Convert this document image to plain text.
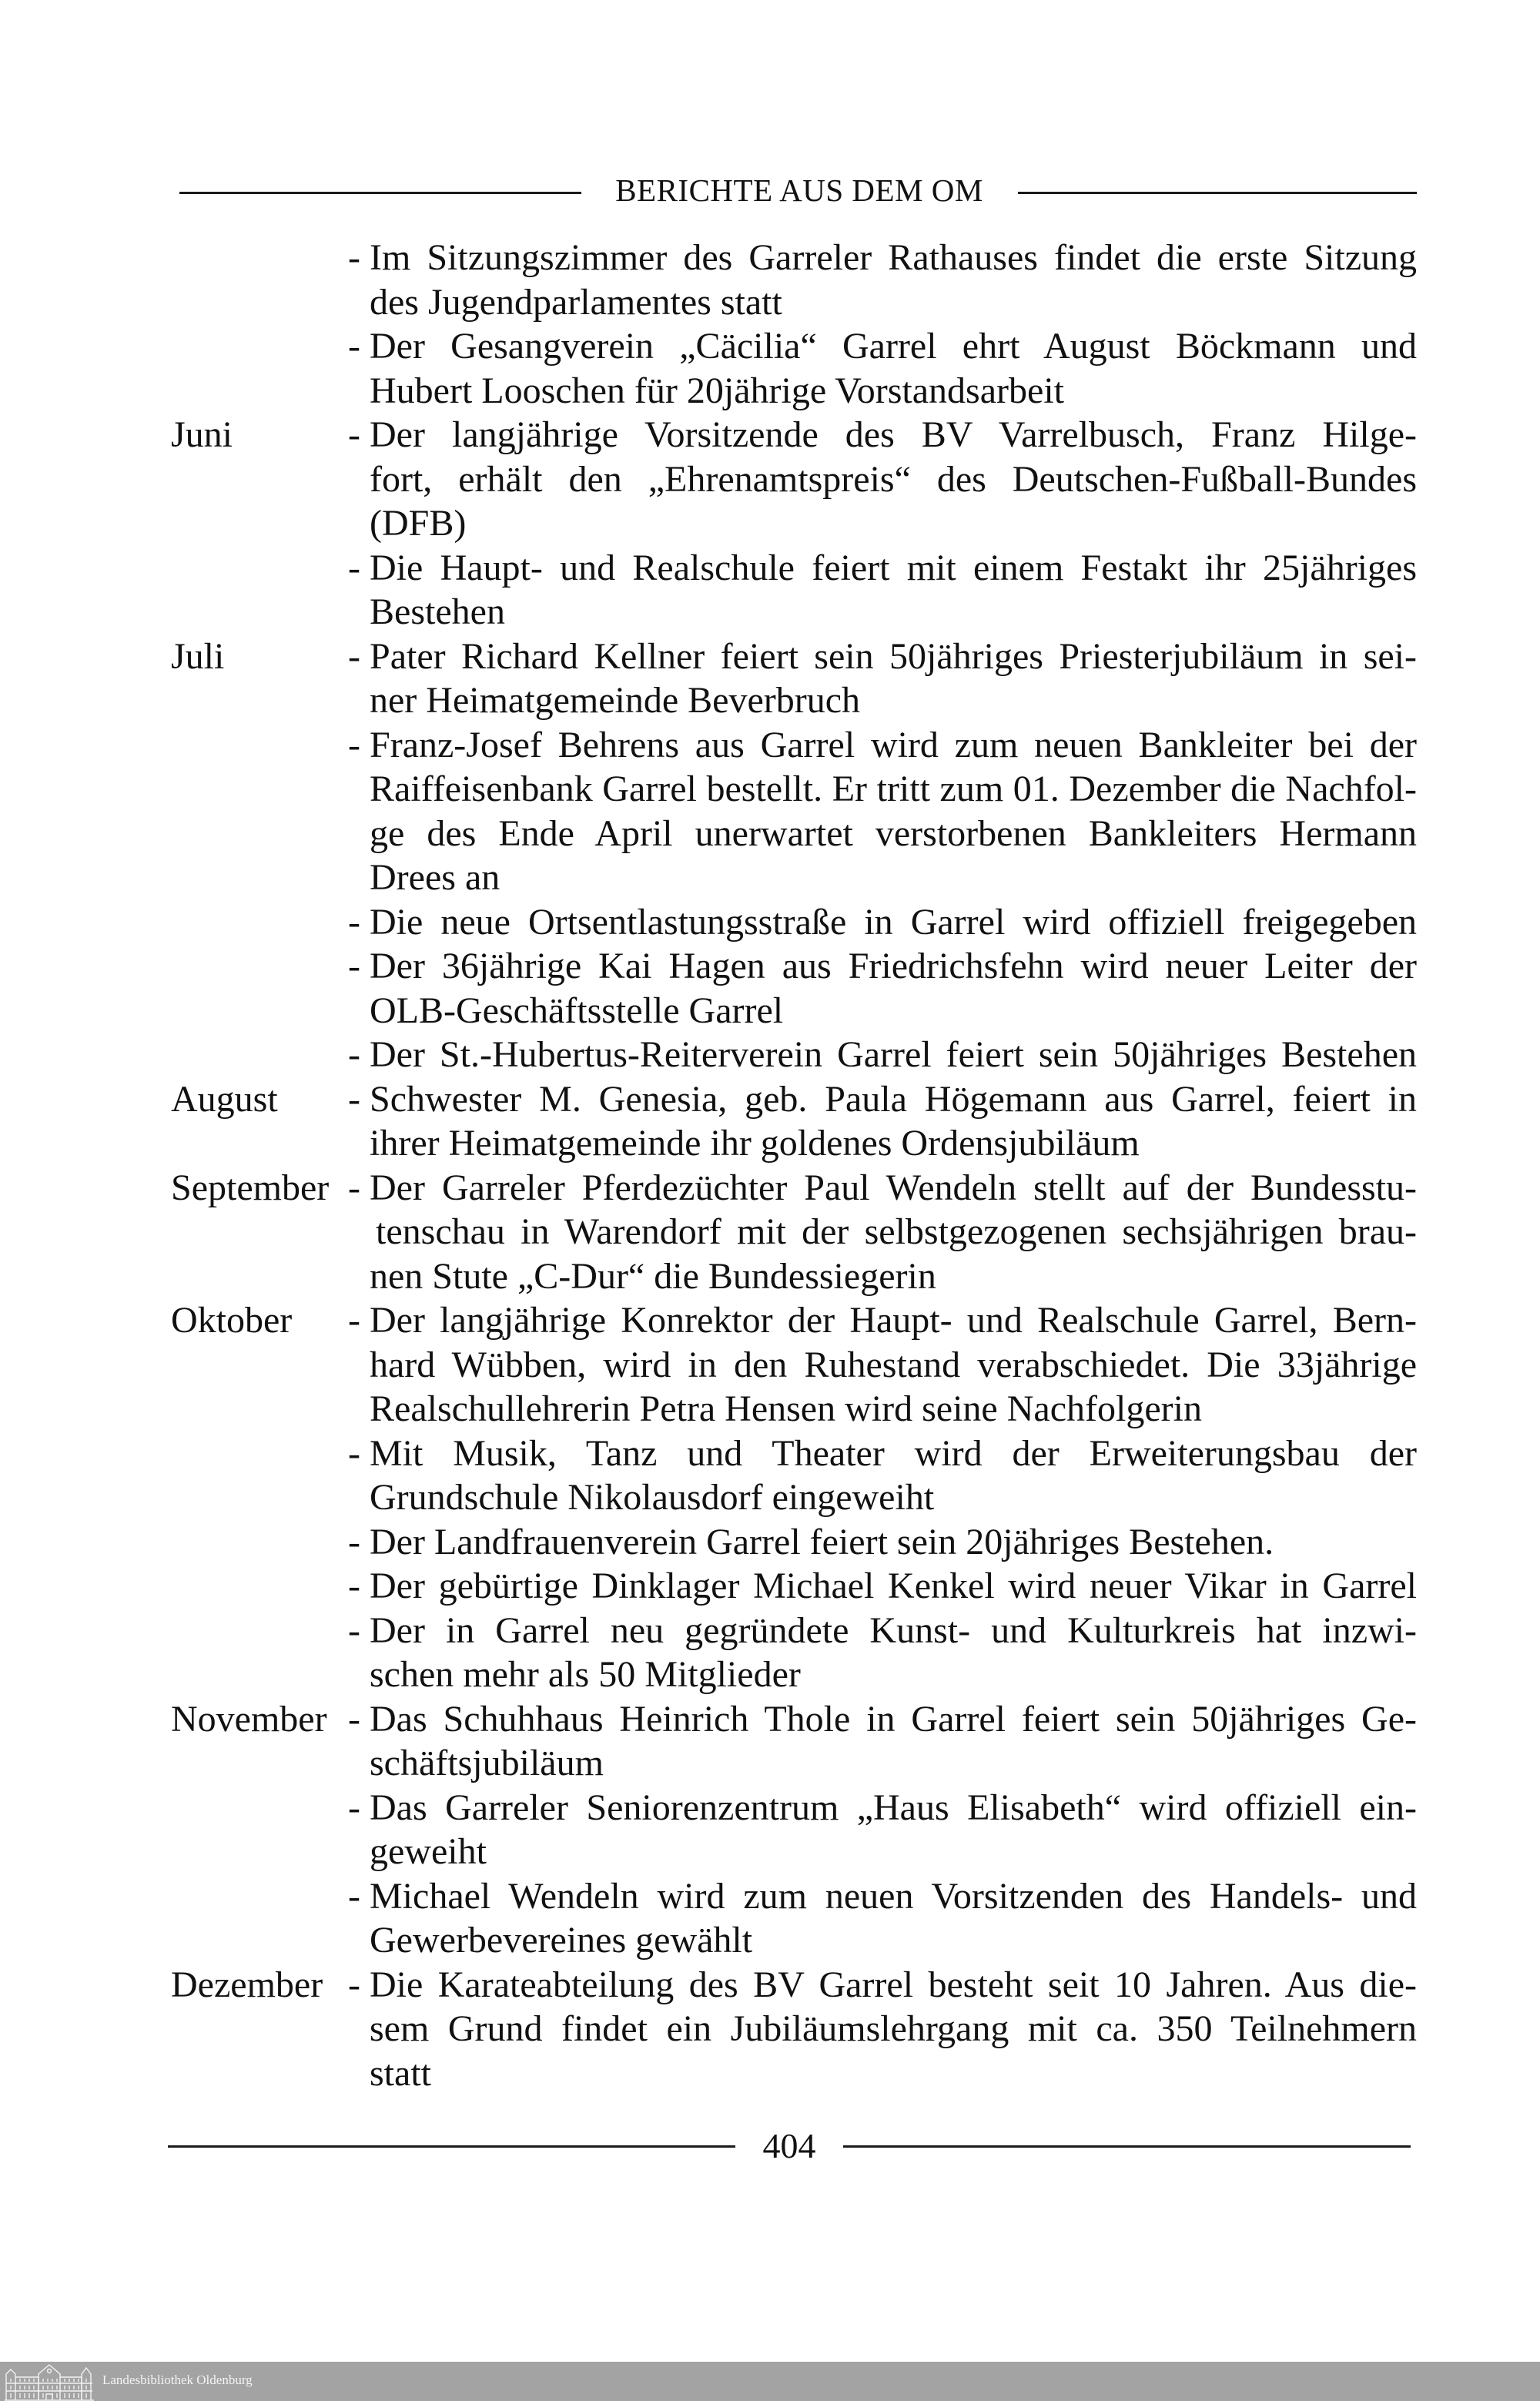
BERICHTE AUS DEM OM
- Im Sitzungszimmer des Garreler Rathauses findet die erste Sitzung
des Jugendparlamentes statt
- Der Gesangverein „Cäcilia“ Garrel ehrt August Böckmann und
Hubert Looschen für 20jährige Vorstandsarbeit
Juni	- Der langjährige Vorsitzende des BV Varrelbusch, Franz Hilge-
fort, erhält den „Ehrenamtspreis“ des Deutschen-Fußball-Bundes
(DFB)
- Die Haupt- und Realschule feiert mit einem Festakt ihr 25jähriges
Bestehen
Juli	- Pater Richard Kellner feiert sein 50jähriges Priesterjubiläum in sei-
ner Heimatgemeinde Beverbruch
- Franz-Josef Behrens aus Garrel wird zum neuen Bankleiter bei der
Raiffeisenbank Garrel bestellt. Er tritt zum 01. Dezember die Nachfol-
ge des Ende April unerwartet verstorbenen Bankleiters Hermann
Drees an
- Die neue Ortsentlastungsstraße in Garrel wird offiziell freigegeben
- Der 36jährige Kai Hagen aus Friedrichsfehn wird neuer Leiter der
OLB-Geschäftsstelle Garrel
- Der St.-Hubertus-Reiterverein Garrel feiert sein 50jähriges Bestehen
August - Schwester M. Genesia, geb. Paula Högemann aus Garrel, feiert in
ihrer Heimatgemeinde ihr goldenes Ordensjubiläum
September - Der Garreler Pferdezüchter Paul Wendeln stellt auf der Bundesstu-
tenschau in Warendorf mit der selbstgezogenen sechsjährigen brau-
nen Stute „C-Dur“ die Bundessiegerin
Oktober - Der langjährige Konrektor der Haupt- und Realschule Garrel, Bern-
hard Wübben, wird in den Ruhestand verabschiedet. Die 33jährige
Realschullehrerin Petra Hensen wird seine Nachfolgerin
- Mit Musik, Tanz und Theater wird der Erweiterungsbau der
Grundschule Nikolausdorf eingeweiht
- Der Landfrauenverein Garrel feiert sein 20jähriges Bestehen.
- Der gebürtige Dinklager Michael Kenkel wird neuer Vikar in Garrel
- Der in Garrel neu gegründete Kunst- und Kulturkreis hat inzwi-
schen mehr als 50 Mitglieder
November - Das Schuhhaus Heinrich Thole in Garrel feiert sein 50jähriges Ge-
schäftsjubiläum
- Das Garreler Seniorenzentrum „Haus Elisabeth“ wird offiziell ein-
geweiht
- Michael Wendeln wird zum neuen Vorsitzenden des Handels- und
Gewerbevereines gewählt
Dezember - Die Karateabteilung des BV Garrel besteht seit 10 Jahren. Aus die-
sem Grund findet ein Jubiläumslehrgang mit ca. 350 Teilnehmern
statt
404
Landesbibliothek Oldenburg
